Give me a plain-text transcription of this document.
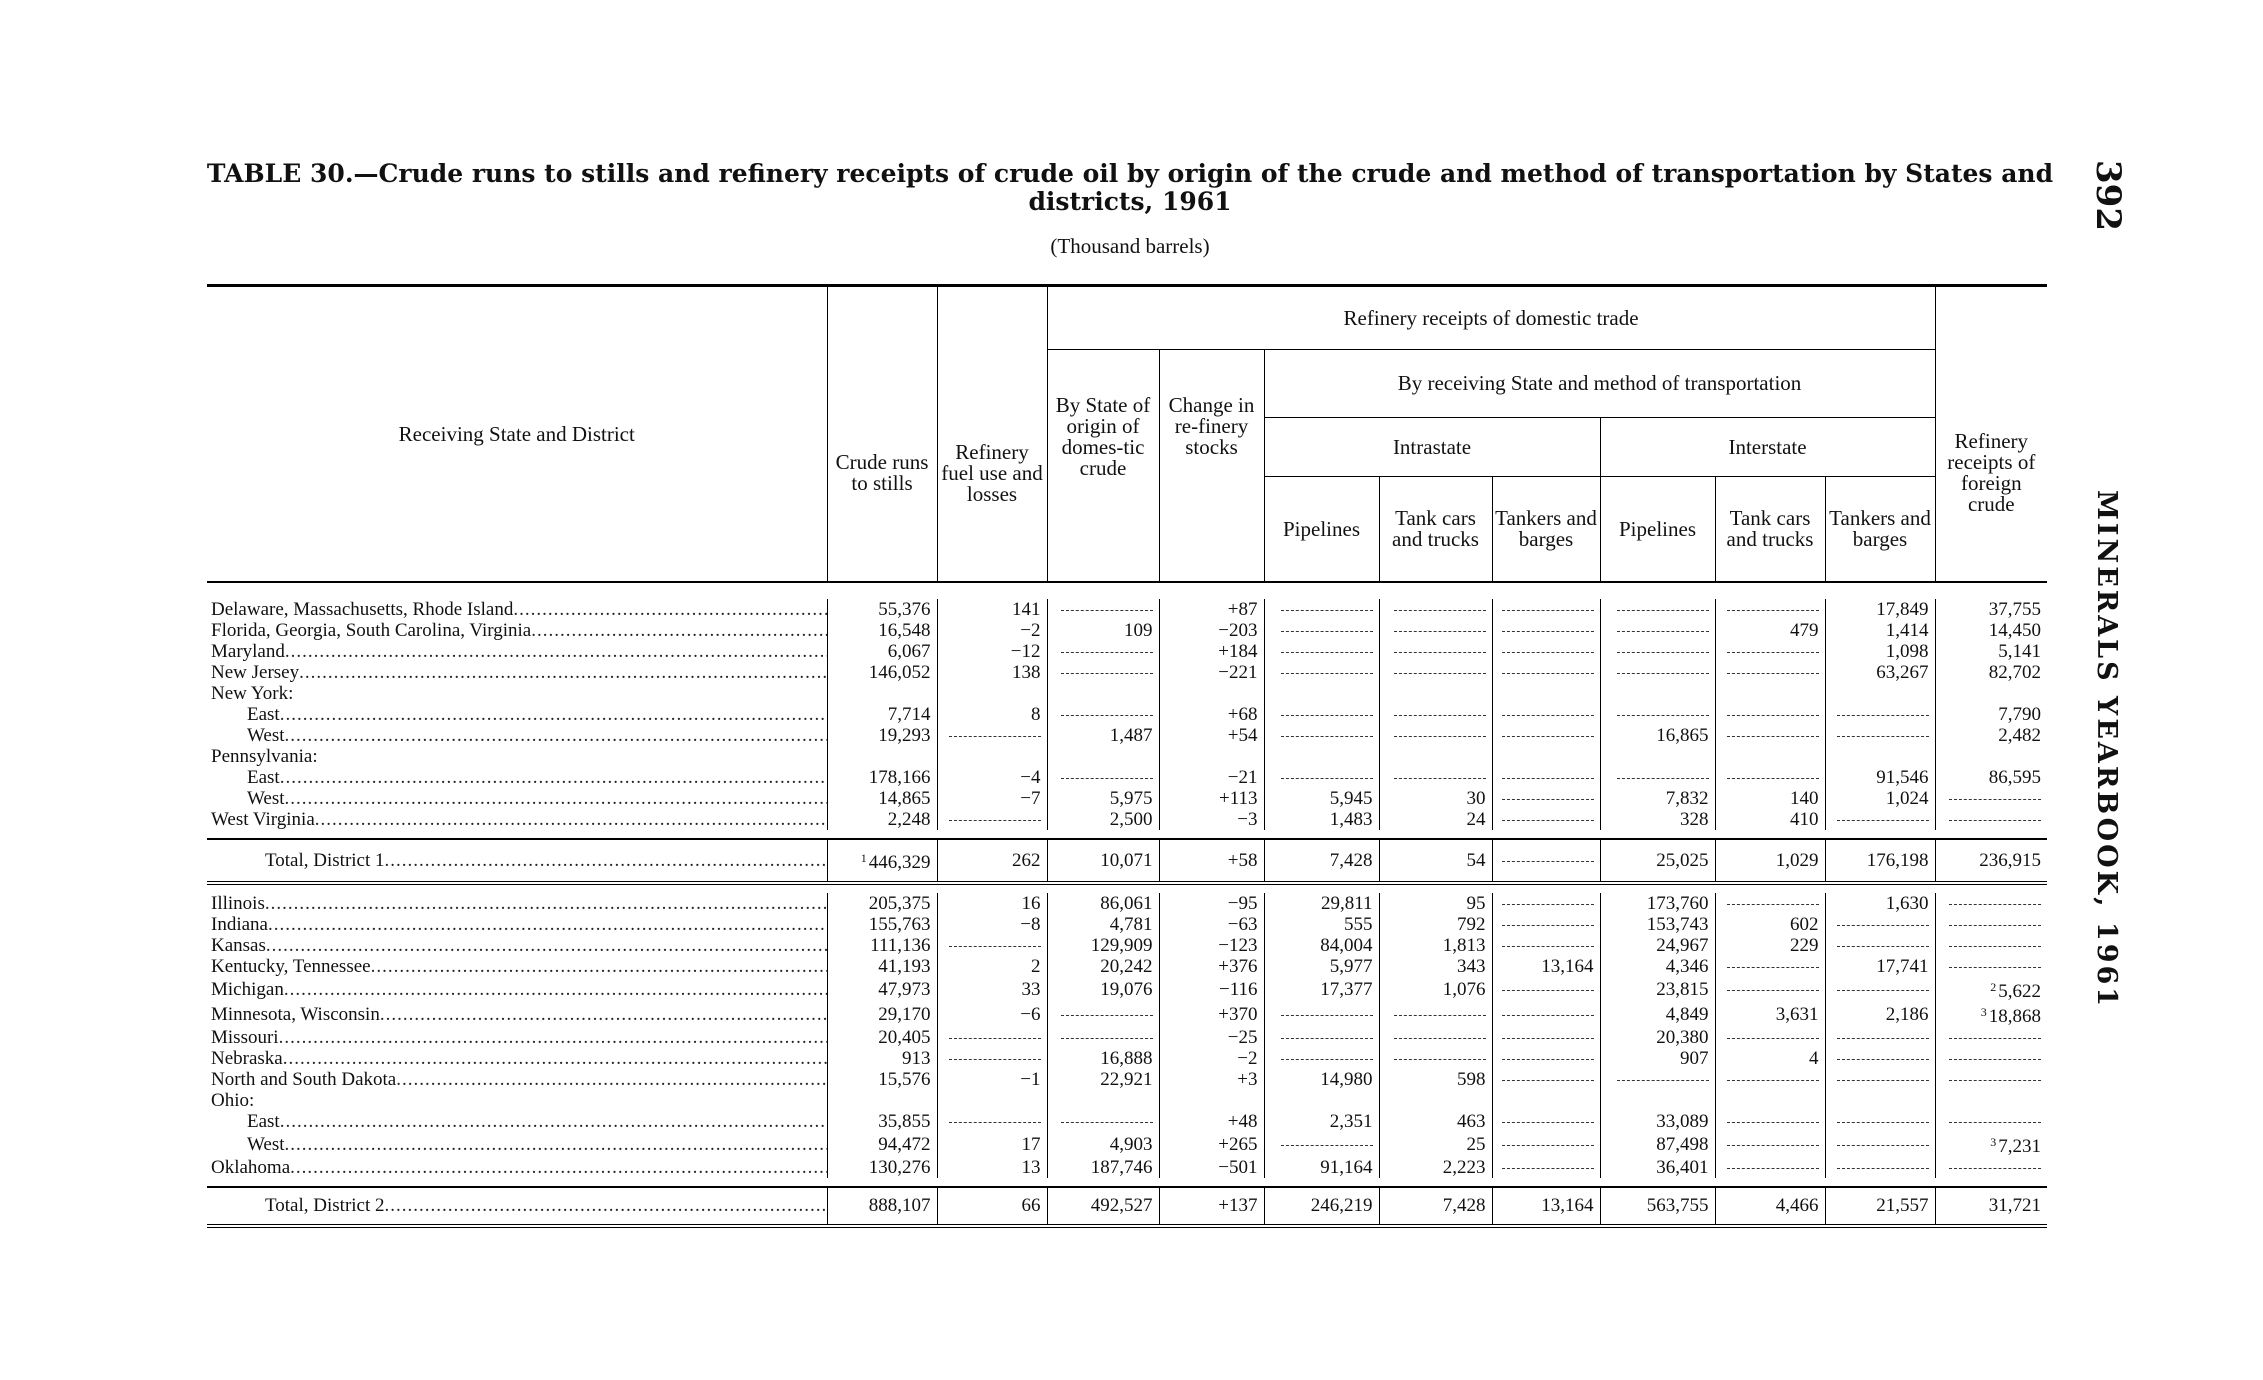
TABLE 30.—Crude runs to stills and refinery receipts of crude oil by origin of the crude and method of transportation by States and
districts, 1961
(Thousand barrels)
392
MINERALS YEARBOOK, 1961
Receiving State and District	Crude runs to stills	Refinery fuel use and losses	Refinery receipts of domestic trade								Refinery receipts of foreign crude
			By State of origin of domes-tic crude	Change in re-finery stocks	By receiving State and method of transportation						
					Intrastate			Interstate			
					Pipelines	Tank cars and trucks	Tankers and barges	Pipelines	Tank cars and trucks	Tankers and barges	

Delaware, Massachusetts, Rhode Island .....	55,376	141		+87						17,849	37,755
Florida, Georgia, South Carolina, Virginia .....	16,548	−2	109	−203					479	1,414	14,450
Maryland .....	6,067	−12		+184						1,098	5,141
New Jersey .....	146,052	138		−221						63,267	82,702
New York:											
East .....	7,714	8		+68							7,790
West .....	19,293		1,487	+54				16,865			2,482
Pennsylvania:											
East .....	178,166	−4		−21						91,546	86,595
West .....	14,865	−7	5,975	+113	5,945	30		7,832	140	1,024	
West Virginia .....	2,248		2,500	−3	1,483	24		328	410		

Total, District 1 .....	$^1$ 446,329	262	10,071	+58	7,428	54		25,025	1,029	176,198	236,915

Illinois .....	205,375	16	86,061	−95	29,811	95		173,760		1,630	
Indiana .....	155,763	−8	4,781	−63	555	792		153,743	602		
Kansas .....	111,136		129,909	−123	84,004	1,813		24,967	229		
Kentucky, Tennessee .....	41,193	2	20,242	+376	5,977	343	13,164	4,346		17,741	
Michigan .....	47,973	33	19,076	−116	17,377	1,076		23,815			$^2$ 5,622
Minnesota, Wisconsin .....	29,170	−6		+370				4,849	3,631	2,186	$^3$ 18,868
Missouri .....	20,405			−25				20,380			
Nebraska .....	913		16,888	−2				907	4		
North and South Dakota .....	15,576	−1	22,921	+3	14,980	598					
Ohio:											
East .....	35,855			+48	2,351	463		33,089			
West .....	94,472	17	4,903	+265		25		87,498			$^3$ 7,231
Oklahoma .....	130,276	13	187,746	−501	91,164	2,223		36,401			

Total, District 2 .....	888,107	66	492,527	+137	246,219	7,428	13,164	563,755	4,466	21,557	31,721
